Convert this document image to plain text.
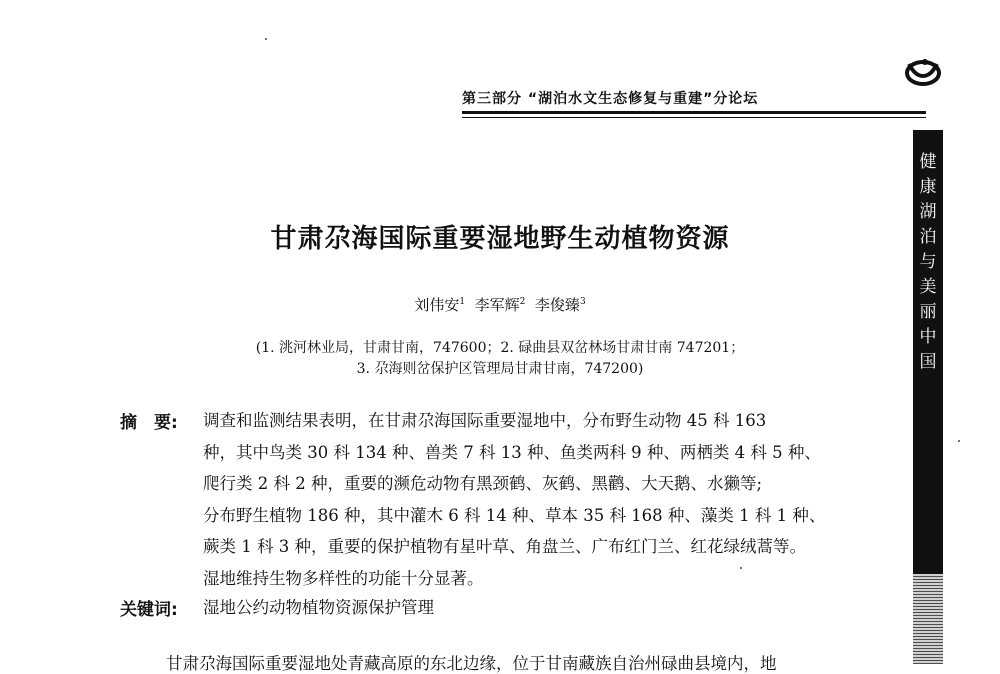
第三部分 “湖泊水文生态修复与重建”分论坛
健
康
湖
泊
与
美
丽
中
国
甘肃尕海国际重要湿地野生动植物资源
刘伟安$^1$ 李军辉$^2$ 李俊臻$^3$
(1. 洮河林业局，甘肃甘南，747600；2. 碌曲县双岔林场甘肃甘南 747201；
3. 尕海则岔保护区管理局甘肃甘南，747200)
摘　要: 调查和监测结果表明，在甘肃尕海国际重要湿地中，分布野生动物 45 科 163
种，其中鸟类 30 科 134 种、兽类 7 科 13 种、鱼类两科 9 种、两栖类 4 科 5 种、
爬行类 2 科 2 种，重要的濒危动物有黑颈鹤、灰鹤、黑鹳、大天鹅、水獭等;
分布野生植物 186 种，其中灌木 6 科 14 种、草本 35 科 168 种、藻类 1 科 1 种、
蕨类 1 科 3 种，重要的保护植物有星叶草、角盘兰、广布红门兰、红花绿绒蒿等。
湿地维持生物多样性的功能十分显著。
关键词: 湿地公约动物植物资源保护管理
甘肃尕海国际重要湿地处青藏高原的东北边缘，位于甘南藏族自治州碌曲县境内，地
